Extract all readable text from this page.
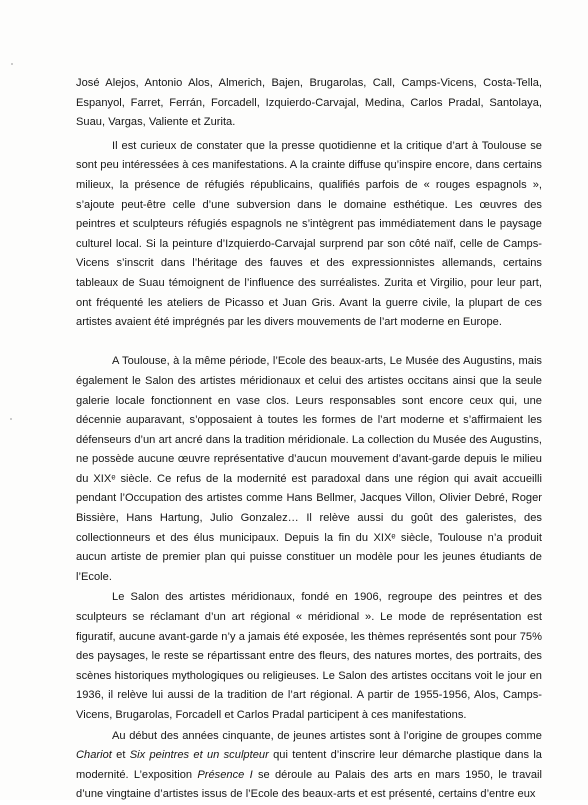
José Alejos, Antonio Alos, Almerich, Bajen, Brugarolas, Call, Camps-Vicens, Costa-Tella, Espanyol, Farret, Ferrán, Forcadell, Izquierdo-Carvajal, Medina, Carlos Pradal, Santolaya, Suau, Vargas, Valiente et Zurita.

Il est curieux de constater que la presse quotidienne et la critique d’art à Toulouse se sont peu intéressées à ces manifestations. A la crainte diffuse qu’inspire encore, dans certains milieux, la présence de réfugiés républicains, qualifiés parfois de « rouges espagnols », s’ajoute peut-être celle d’une subversion dans le domaine esthétique. Les œuvres des peintres et sculpteurs réfugiés espagnols ne s’intègrent pas immédiatement dans le paysage culturel local. Si la peinture d’Izquierdo-Carvajal surprend par son côté naïf, celle de Camps-Vicens s’inscrit dans l’héritage des fauves et des expressionnistes allemands, certains tableaux de Suau témoignent de l’influence des surréalistes. Zurita et Virgilio, pour leur part, ont fréquenté les ateliers de Picasso et Juan Gris. Avant la guerre civile, la plupart de ces artistes avaient été imprégnés par les divers mouvements de l’art moderne en Europe.

A Toulouse, à la même période, l’Ecole des beaux-arts, Le Musée des Augustins, mais également le Salon des artistes méridionaux et celui des artistes occitans ainsi que la seule galerie locale fonctionnent en vase clos. Leurs responsables sont encore ceux qui, une décennie auparavant, s’opposaient à toutes les formes de l’art moderne et s’affirmaient les défenseurs d’un art ancré dans la tradition méridionale. La collection du Musée des Augustins, ne possède aucune œuvre représentative d’aucun mouvement d’avant-garde depuis le milieu du XIXᵉ siècle. Ce refus de la modernité est paradoxal dans une région qui avait accueilli pendant l’Occupation des artistes comme Hans Bellmer, Jacques Villon, Olivier Debré, Roger Bissière, Hans Hartung, Julio Gonzalez… Il relève aussi du goût des galeristes, des collectionneurs et des élus municipaux. Depuis la fin du XIXᵉ siècle, Toulouse n’a produit aucun artiste de premier plan qui puisse constituer un modèle pour les jeunes étudiants de l’Ecole.

Le Salon des artistes méridionaux, fondé en 1906, regroupe des peintres et des sculpteurs se réclamant d’un art régional « méridional ». Le mode de représentation est figuratif, aucune avant-garde n’y a jamais été exposée, les thèmes représentés sont pour 75% des paysages, le reste se répartissant entre des fleurs, des natures mortes, des portraits, des scènes historiques mythologiques ou religieuses. Le Salon des artistes occitans voit le jour en 1936, il relève lui aussi de la tradition de l’art régional. A partir de 1955-1956, Alos, Camps-Vicens, Brugarolas, Forcadell et Carlos Pradal participent à ces manifestations.

Au début des années cinquante, de jeunes artistes sont à l’origine de groupes comme Chariot et Six peintres et un sculpteur qui tentent d’inscrire leur démarche plastique dans la modernité. L’exposition Présence I se déroule au Palais des arts en mars 1950, le travail d’une vingtaine d’artistes issus de l’Ecole des beaux-arts et est présenté, certains d’entre eux
